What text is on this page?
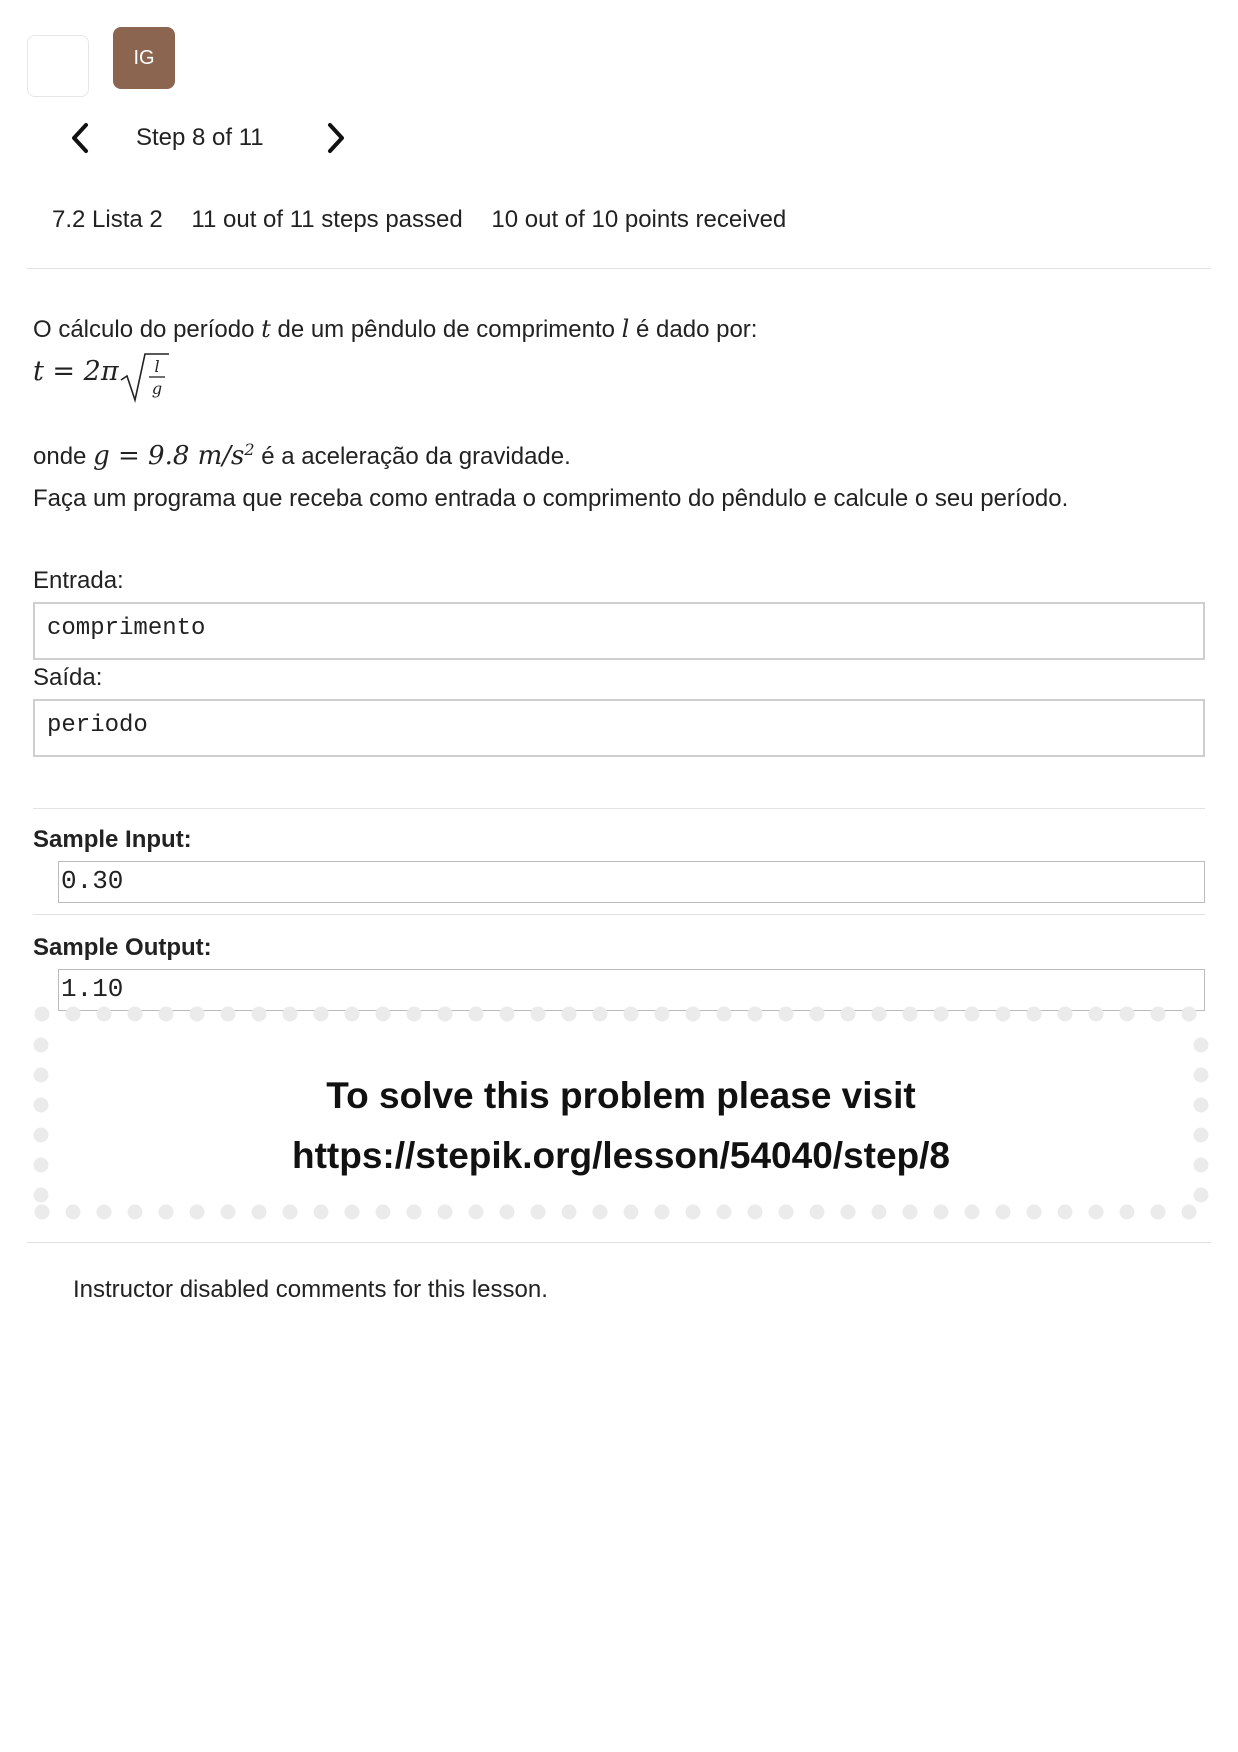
IG
Step 8 of 11
7.2 Lista 2 11 out of 11 steps passed 10 out of 10 points received
O cálculo do período t de um pêndulo de comprimento l é dado por:
t = 2π l
g
onde g = 9.8 $m/s^2$ é a aceleração da gravidade.
Faça um programa que receba como entrada o comprimento do pêndulo e calcule o seu período.
Entrada:
comprimento
Saída:
periodo
Sample Input:
0.30
Sample Output:
1.10
To solve this problem please visit
https://stepik.org/lesson/54040/step/8
Instructor disabled comments for this lesson.
